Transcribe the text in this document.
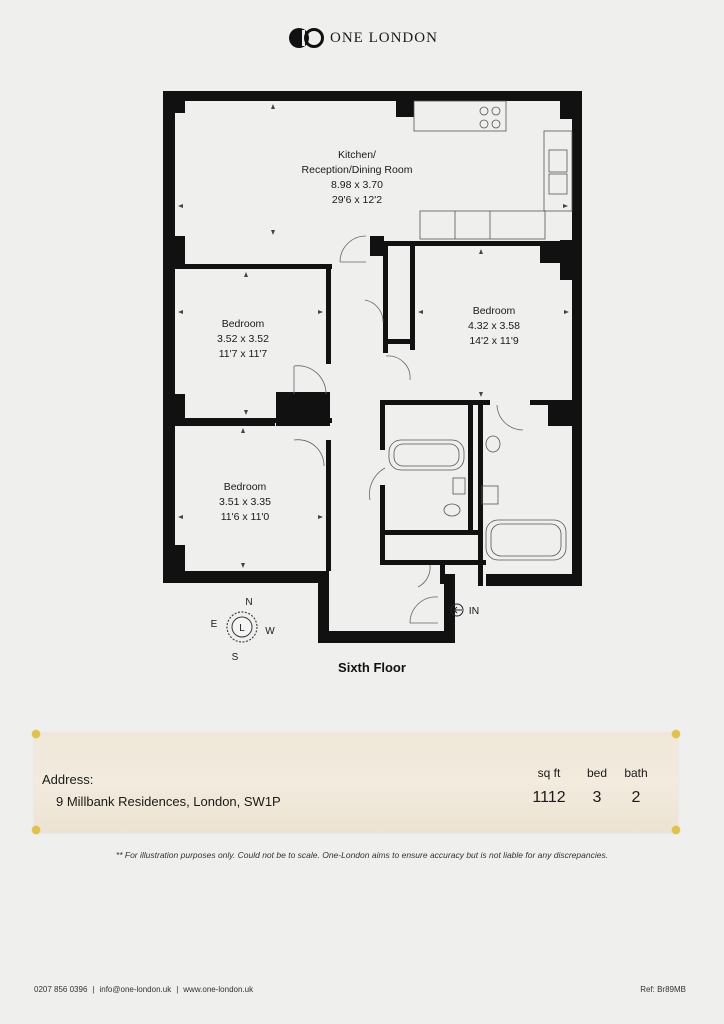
ONE LONDON
Kitchen/
Reception/Dining Room
8.98 x 3.70
29'6 x 12'2
Bedroom
3.52 x 3.52
11'7 x 11'7
Bedroom
4.32 x 3.58
14'2 x 11'9
Bedroom
3.51 x 3.35
11'6 x 11'0
IN
L
N
S
E
W
Sixth Floor
Address:
9 Millbank Residences, London, SW1P
sq ft
1112
bed
3
bath
2
** For illustration purposes only. Could not be to scale. One-London aims to ensure accuracy but is not liable for any discrepancies.
0207 856 0396 | info@one-london.uk | www.one-london.uk	Ref: Br89MB
